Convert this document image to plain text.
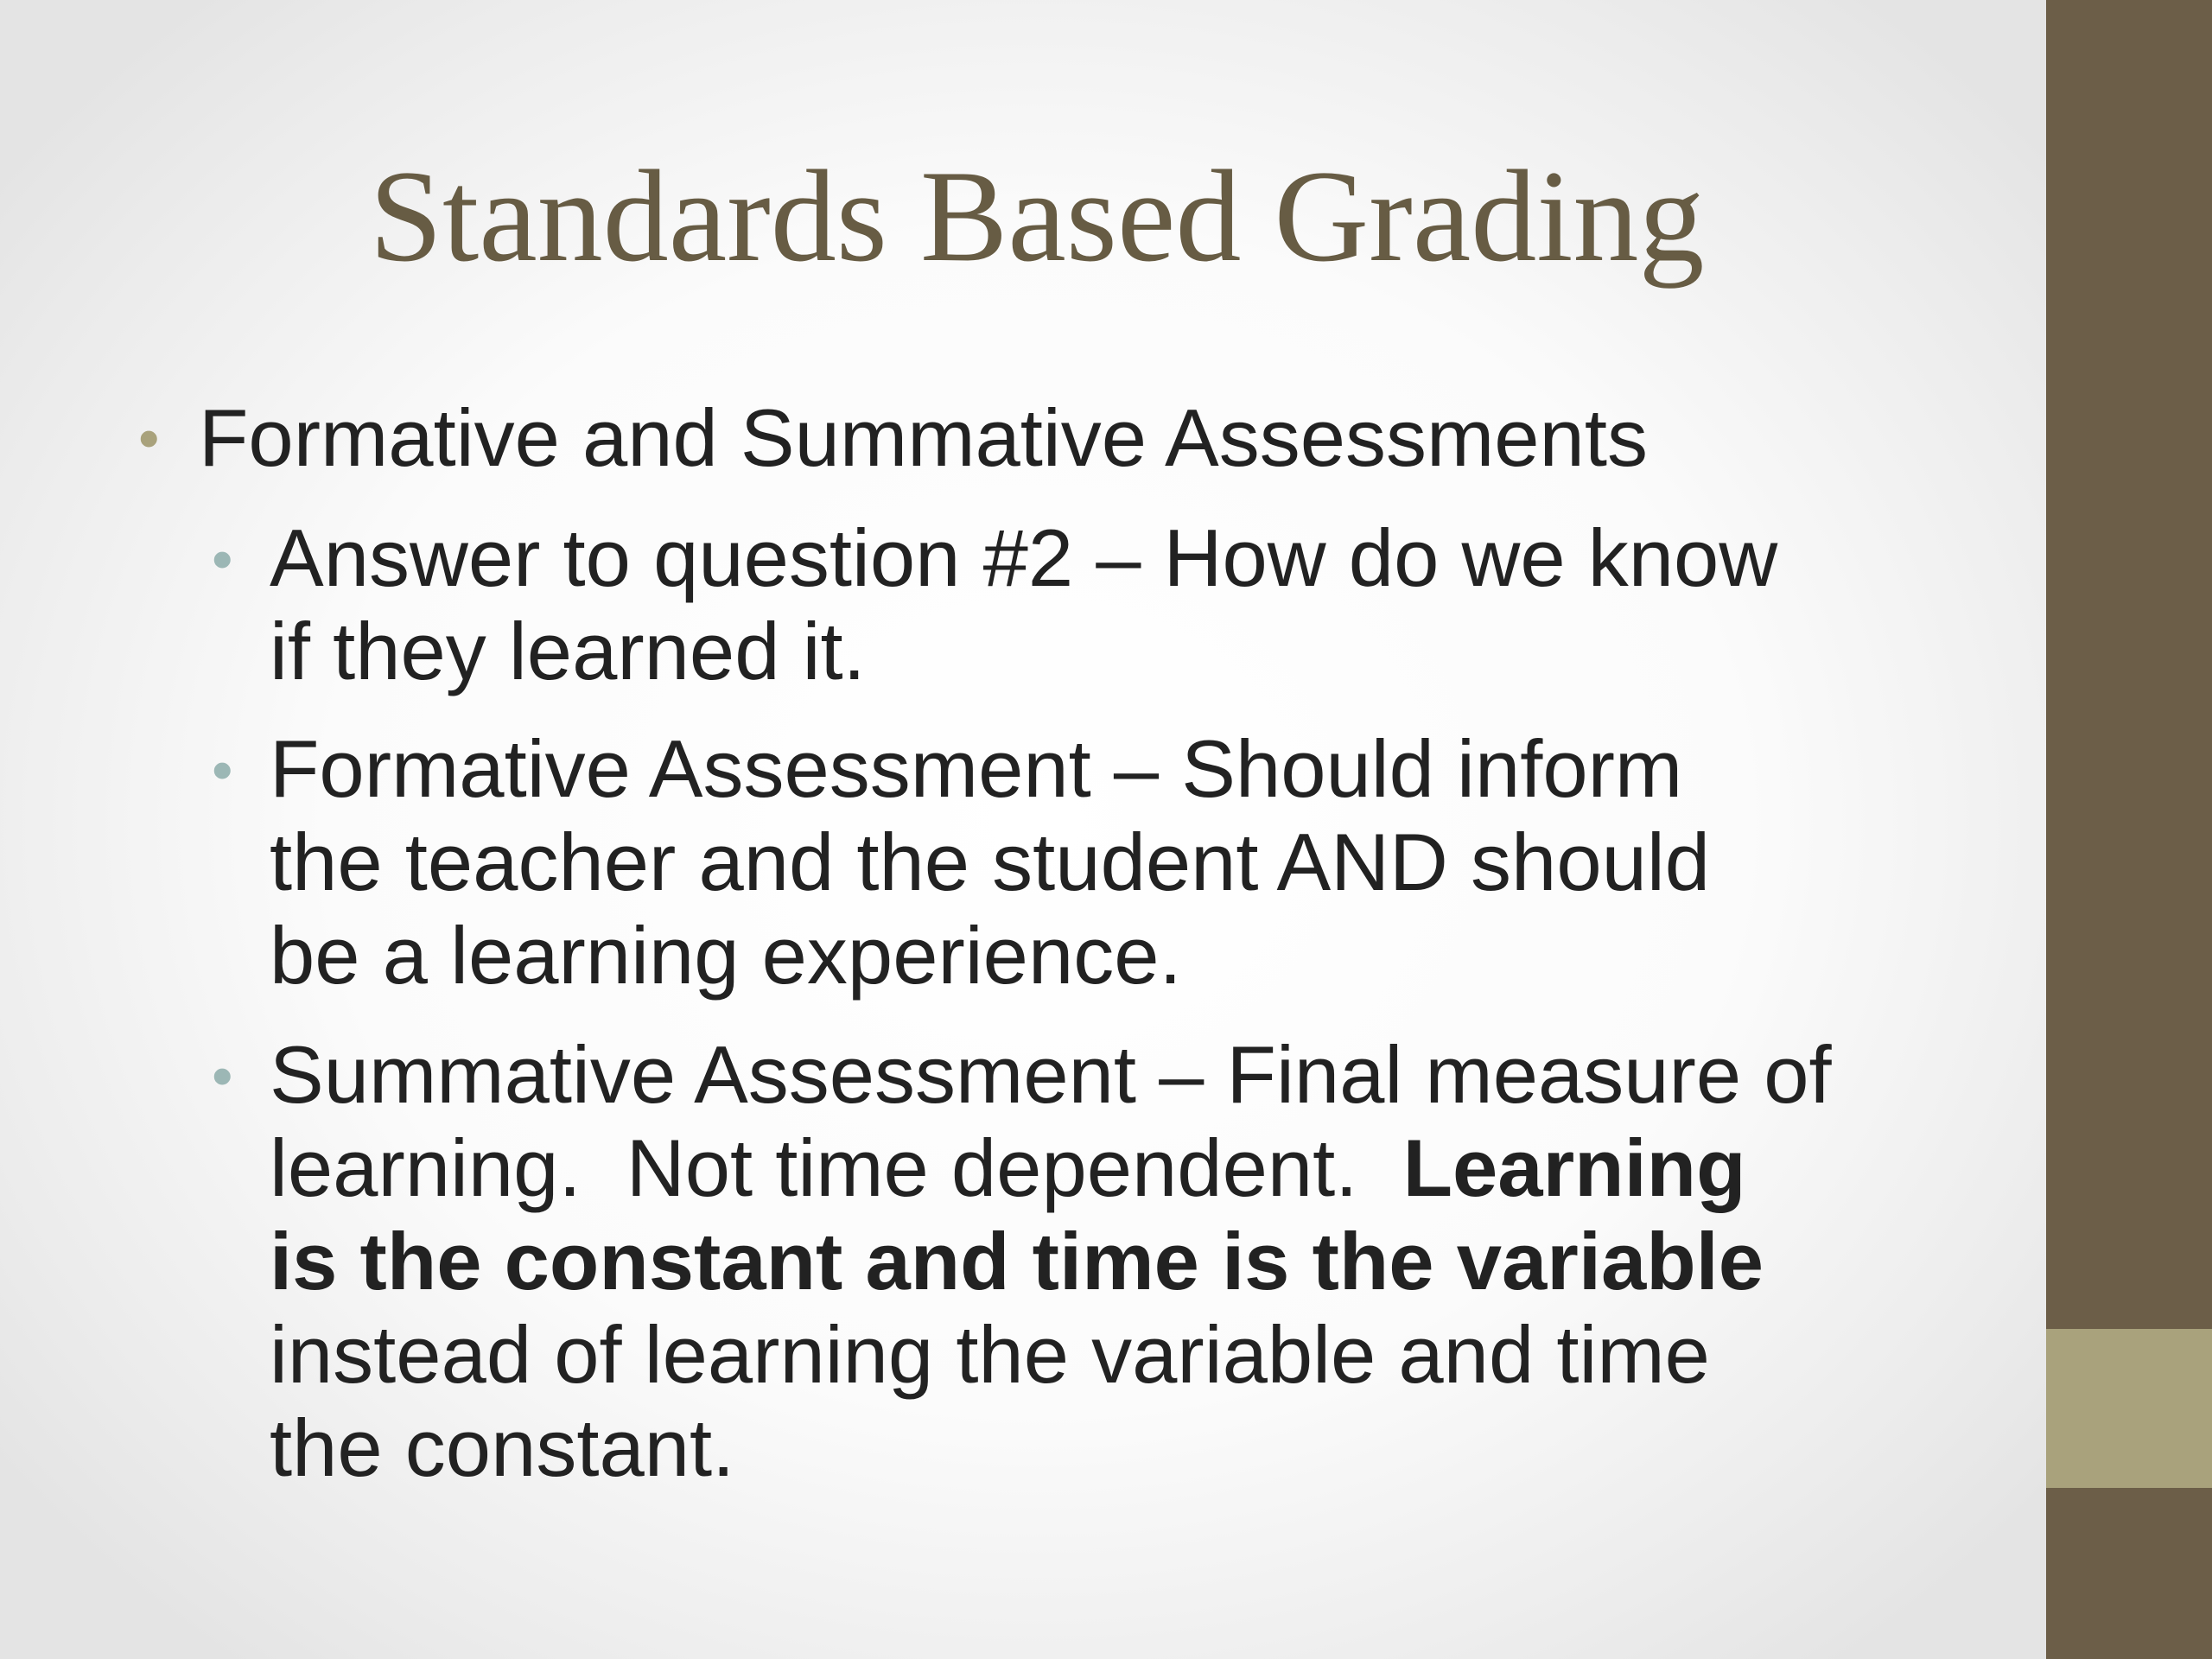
Standards Based Grading
• Formative and Summative Assessments
• Answer to question #2 – How do we know
if they learned it.
• Formative Assessment – Should inform
the teacher and the student AND should
be a learning experience.
• Summative Assessment – Final measure of
learning.  Not time dependent.  Learning
is the constant and time is the variable
instead of learning the variable and time
the constant.
